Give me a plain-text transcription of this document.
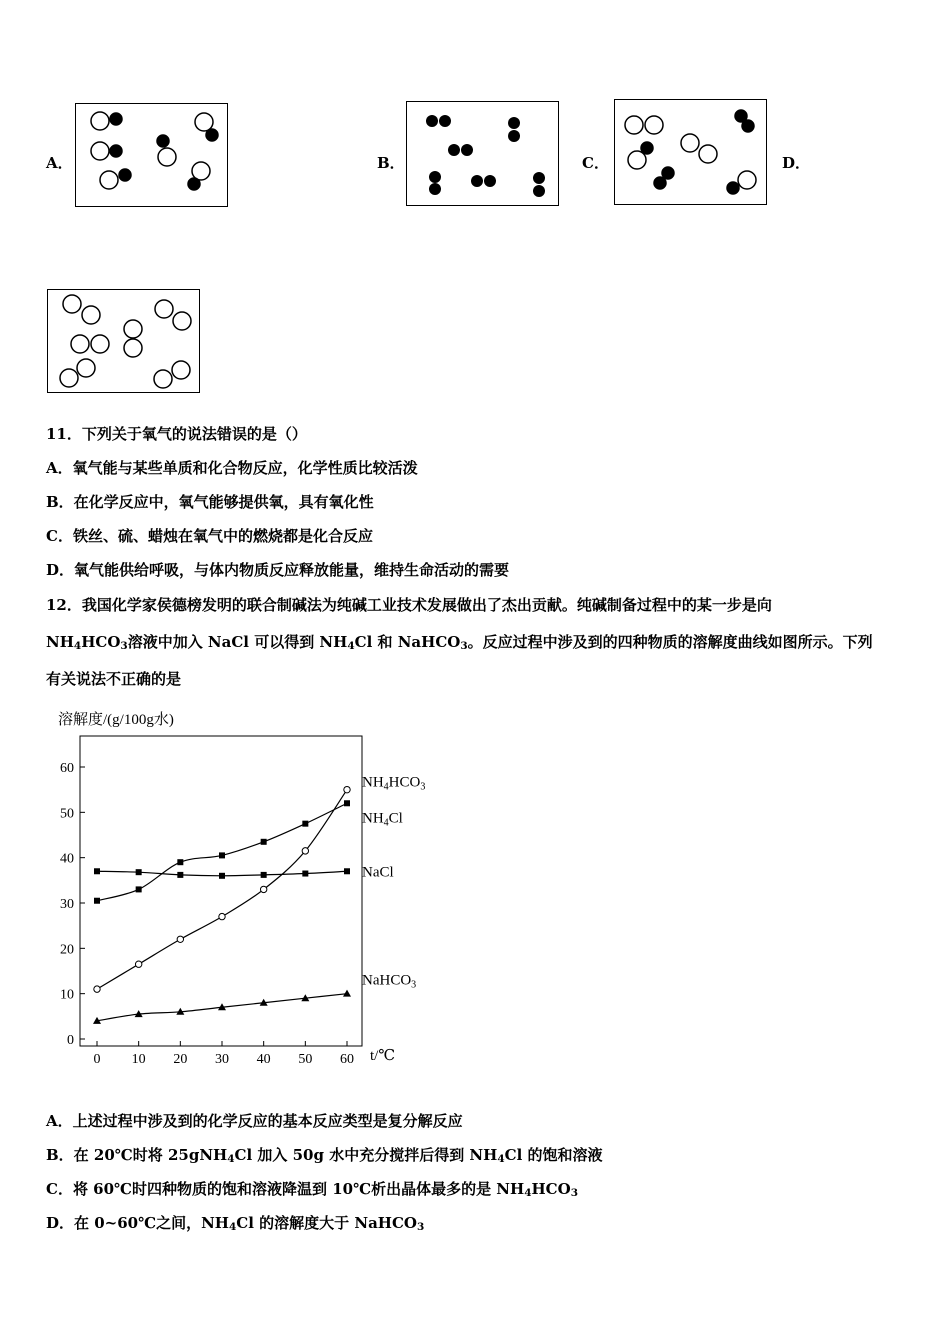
A．	B．	C．	D．
11．下列关于氧气的说法错误的是（）
A．氧气能与某些单质和化合物反应，化学性质比较活泼
B．在化学反应中，氧气能够提供氧，具有氧化性
C．铁丝、硫、蜡烛在氧气中的燃烧都是化合反应
D．氧气能供给呼吸，与体内物质反应释放能量，维持生命活动的需要
12．我国化学家侯德榜发明的联合制碱法为纯碱工业技术发展做出了杰出贡献。纯碱制备过程中的某一步是向
$NH_4HCO_3$溶液中加入 NaCl 可以得到 $NH_4Cl$ 和 NaHCO$_3$。反应过程中涉及到的四种物质的溶解度曲线如图所示。下列
有关说法不正确的是
溶解度/(g/100g水)
t/℃
0
10
20
30
40
50
60
0 10 20 30 40 50 60
$NH_4HCO_3$
$NH_4Cl$
NaCl
NaHCO$_3$
A．上述过程中涉及到的化学反应的基本反应类型是复分解反应
B．在 20℃时将 25gNH$_4$Cl 加入 50g 水中充分搅拌后得到 $NH_4Cl$ 的饱和溶液
C．将 60℃时四种物质的饱和溶液降温到 10℃析出晶体最多的是 $NH_4HCO_3$
D．在 0~60℃之间，$NH_4Cl$ 的溶解度大于 NaHCO$_3$
